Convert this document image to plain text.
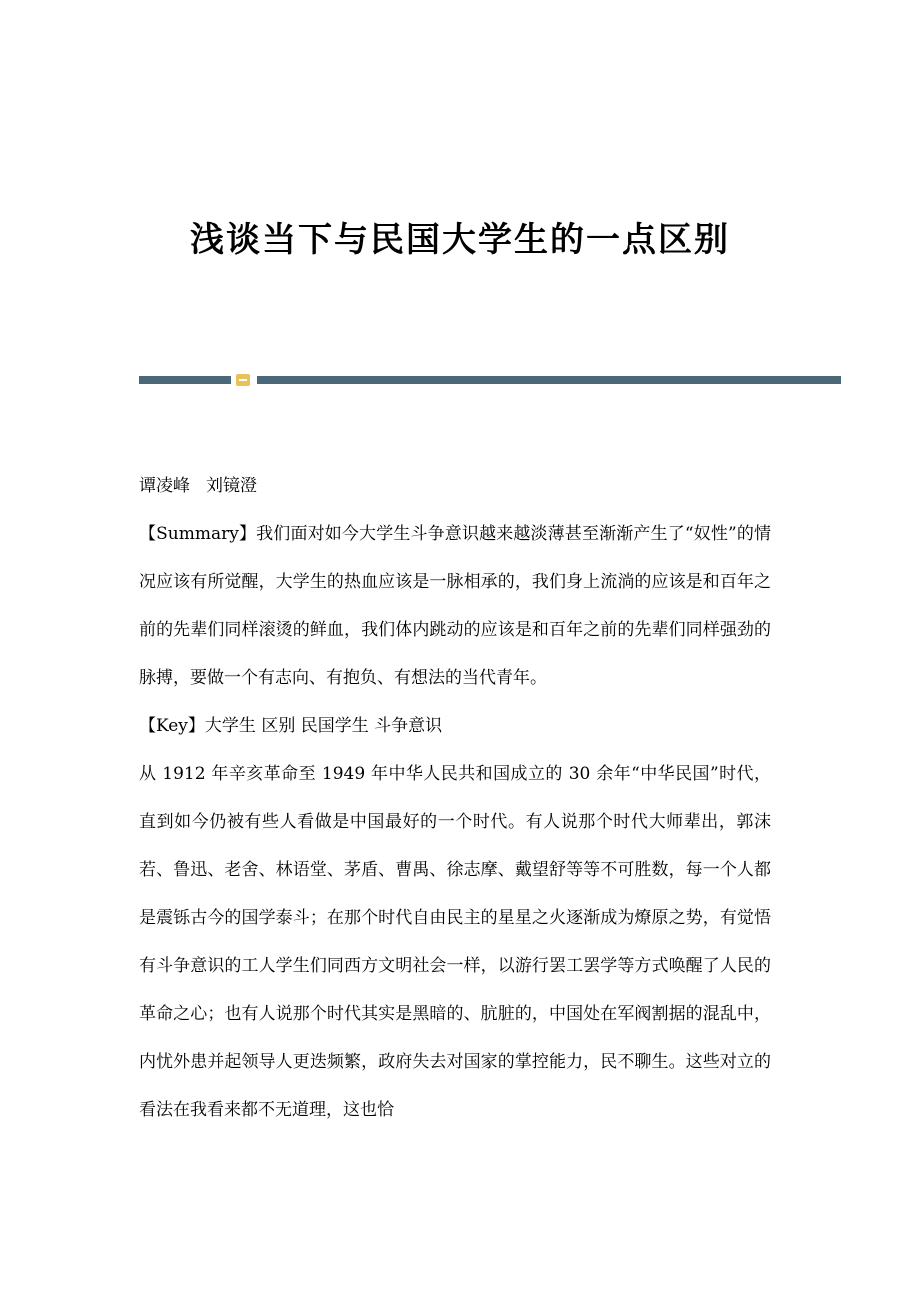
浅谈当下与民国大学生的一点区别

谭凌峰 刘镜澄

【Summary】我们面对如今大学生斗争意识越来越淡薄甚至渐渐产生了“奴性”的情况应该有所觉醒，大学生的热血应该是一脉相承的，我们身上流淌的应该是和百年之前的先辈们同样滚烫的鲜血，我们体内跳动的应该是和百年之前的先辈们同样强劲的脉搏，要做一个有志向、有抱负、有想法的当代青年。

【Key】大学生 区别 民国学生 斗争意识

从 1912 年辛亥革命至 1949 年中华人民共和国成立的 30 余年“中华民国”时代，直到如今仍被有些人看做是中国最好的一个时代。有人说那个时代大师辈出，郭沫若、鲁迅、老舍、林语堂、茅盾、曹禺、徐志摩、戴望舒等等不可胜数，每一个人都是震铄古今的国学泰斗；在那个时代自由民主的星星之火逐渐成为燎原之势，有觉悟有斗争意识的工人学生们同西方文明社会一样，以游行罢工罢学等方式唤醒了人民的革命之心；也有人说那个时代其实是黑暗的、肮脏的，中国处在军阀割据的混乱中，内忧外患并起领导人更迭频繁，政府失去对国家的掌控能力，民不聊生。这些对立的看法在我看来都不无道理，这也恰
